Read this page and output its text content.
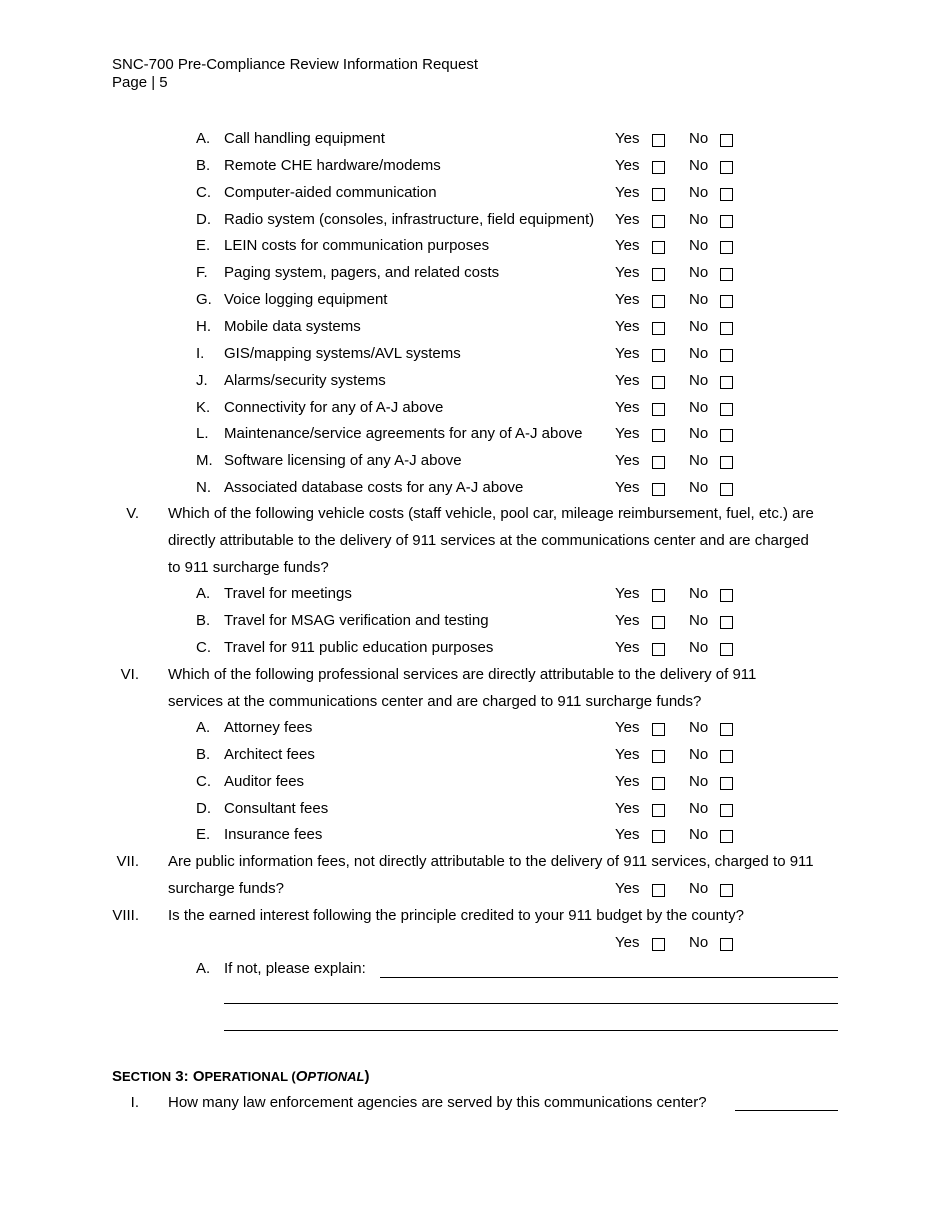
SNC-700 Pre-Compliance Review Information Request
Page | 5
A. Call handling equipment	Yes	No
B. Remote CHE hardware/modems	Yes	No
C. Computer-aided communication	Yes	No
D. Radio system (consoles, infrastructure, field equipment) Yes	No
E. LEIN costs for communication purposes	Yes	No
F. Paging system, pagers, and related costs	Yes	No
G. Voice logging equipment	Yes	No
H. Mobile data systems	Yes	No
I. GIS/mapping systems/AVL systems	Yes	No
J. Alarms/security systems	Yes	No
K. Connectivity for any of A-J above	Yes	No
L. Maintenance/service agreements for any of A-J above Yes	No
M. Software licensing of any A-J above	Yes	No
N. Associated database costs for any A-J above	Yes	No
V. Which of the following vehicle costs (staff vehicle, pool car, mileage reimbursement, fuel, etc.) are
directly attributable to the delivery of 911 services at the communications center and are charged
to 911 surcharge funds?
A. Travel for meetings	Yes	No
B. Travel for MSAG verification and testing	Yes	No
C. Travel for 911 public education purposes	Yes	No
VI. Which of the following professional services are directly attributable to the delivery of 911
services at the communications center and are charged to 911 surcharge funds?
A. Attorney fees	Yes	No
B. Architect fees	Yes	No
C. Auditor fees	Yes	No
D. Consultant fees	Yes	No
E. Insurance fees	Yes	No
VII. Are public information fees, not directly attributable to the delivery of 911 services, charged to 911
surcharge funds?	Yes	No
VIII. Is the earned interest following the principle credited to your 911 budget by the county?
Yes	No
A. If not, please explain:
I. How many law enforcement agencies are served by this communications center?
SECTION 3: OPERATIONAL (OPTIONAL)
